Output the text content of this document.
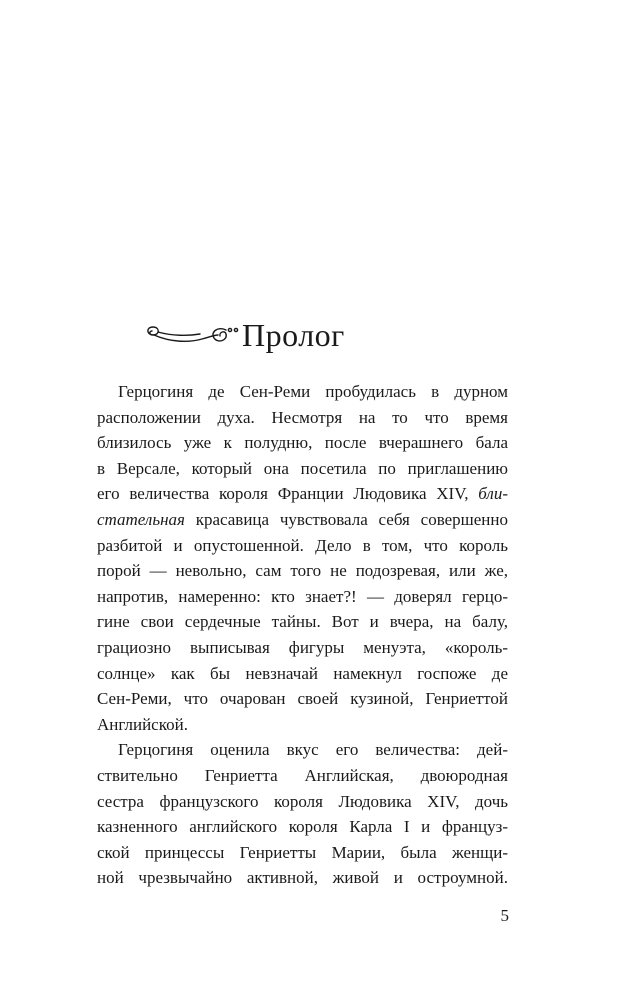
Пролог
Герцогиня де Сен-Реми пробудилась в дурном
расположении духа. Несмотря на то что время
близилось уже к полудню, после вчерашнего бала
в Версале, который она посетила по приглашению
его величества короля Франции Людовика XIV, бли-
стательная красавица чувствовала себя совершенно
разбитой и опустошенной. Дело в том, что король
порой — невольно, сам того не подозревая, или же,
напротив, намеренно: кто знает?! — доверял герцо-
гине свои сердечные тайны. Вот и вчера, на балу,
грациозно выписывая фигуры менуэта, «король-
солнце» как бы невзначай намекнул госпоже де
Сен-Реми, что очарован своей кузиной, Генриеттой
Английской.
Герцогиня оценила вкус его величества: дей-
ствительно Генриетта Английская, двоюродная
сестра французского короля Людовика XIV, дочь
казненного английского короля Карла I и француз-
ской принцессы Генриетты Марии, была женщи-
ной чрезвычайно активной, живой и остроумной.
5
